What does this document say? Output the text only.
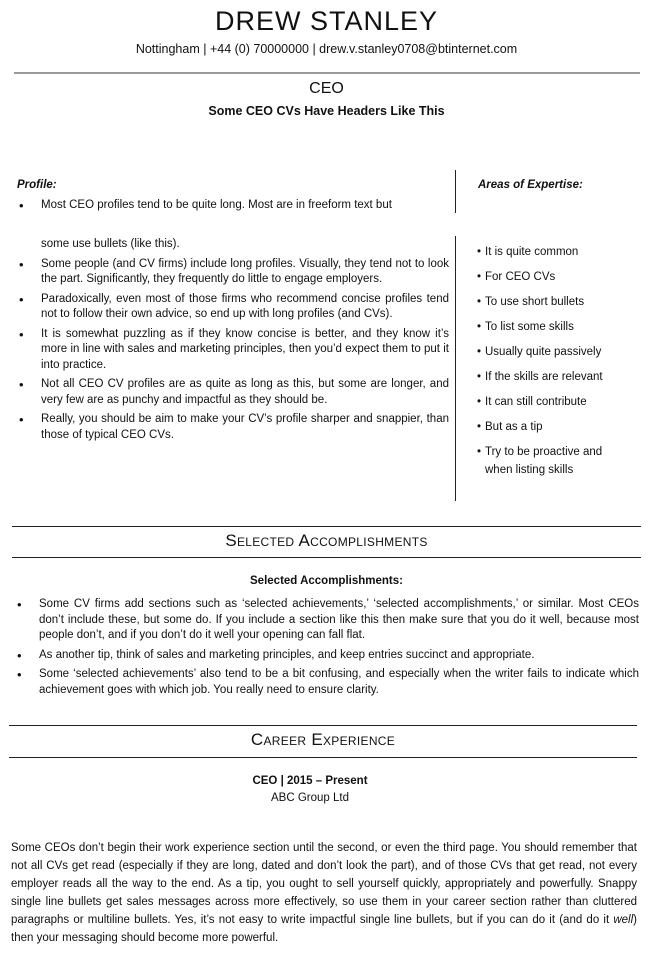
DREW STANLEY
Nottingham | +44 (0) 70000000 | drew.v.stanley0708@btinternet.com
CEO
Some CEO CVs Have Headers Like This
Profile:	Areas of Expertise:
• Most CEO profiles tend to be quite long. Most are in freeform text but
some use bullets (like this).
• Some people (and CV firms) include long profiles. Visually, they tend not to look the part. Significantly, they frequently do little to engage employers.
• Paradoxically, even most of those firms who recommend concise profiles tend not to follow their own advice, so end up with long profiles (and CVs).
• It is somewhat puzzling as if they know concise is better, and they know it’s more in line with sales and marketing principles, then you’d expect them to put it into practice.
• Not all CEO CV profiles are as quite as long as this, but some are longer, and very few are as punchy and impactful as they should be.
• Really, you should be aim to make your CV’s profile sharper and snappier, than those of typical CEO CVs.
• It is quite common
• For CEO CVs
• To use short bullets
• To list some skills
• Usually quite passively
• If the skills are relevant
• It can still contribute
• But as a tip
• Try to be proactive and when listing skills
Selected Accomplishments
Selected Accomplishments:
• Some CV firms add sections such as ‘selected achievements,’ ‘selected accomplishments,’ or similar. Most CEOs don’t include these, but some do. If you include a section like this then make sure that you do it well, because most people don’t, and if you don’t do it well your opening can fall flat.
• As another tip, think of sales and marketing principles, and keep entries succinct and appropriate.
• Some ‘selected achievements’ also tend to be a bit confusing, and especially when the writer fails to indicate which achievement goes with which job. You really need to ensure clarity.
Career Experience
CEO | 2015 – Present
ABC Group Ltd
Some CEOs don’t begin their work experience section until the second, or even the third page. You should remember that not all CVs get read (especially if they are long, dated and don’t look the part), and of those CVs that get read, not every employer reads all the way to the end. As a tip, you ought to sell yourself quickly, appropriately and powerfully. Snappy single line bullets get sales messages across more effectively, so use them in your career section rather than cluttered paragraphs or multiline bullets. Yes, it’s not easy to write impactful single line bullets, but if you can do it (and do it well) then your messaging should become more powerful.
